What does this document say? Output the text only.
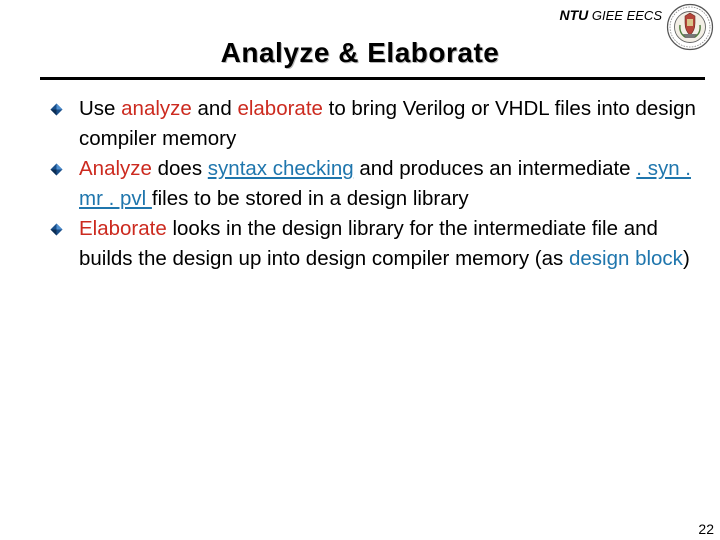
NTU GIEE EECS
Analyze & Elaborate
Use analyze and elaborate to bring Verilog or VHDL files into design compiler memory
Analyze does syntax checking and produces an intermediate . syn . mr . pvl files to be stored in a design library
Elaborate looks in the design library for the intermediate file and builds the design up into design compiler memory (as design block)
22
